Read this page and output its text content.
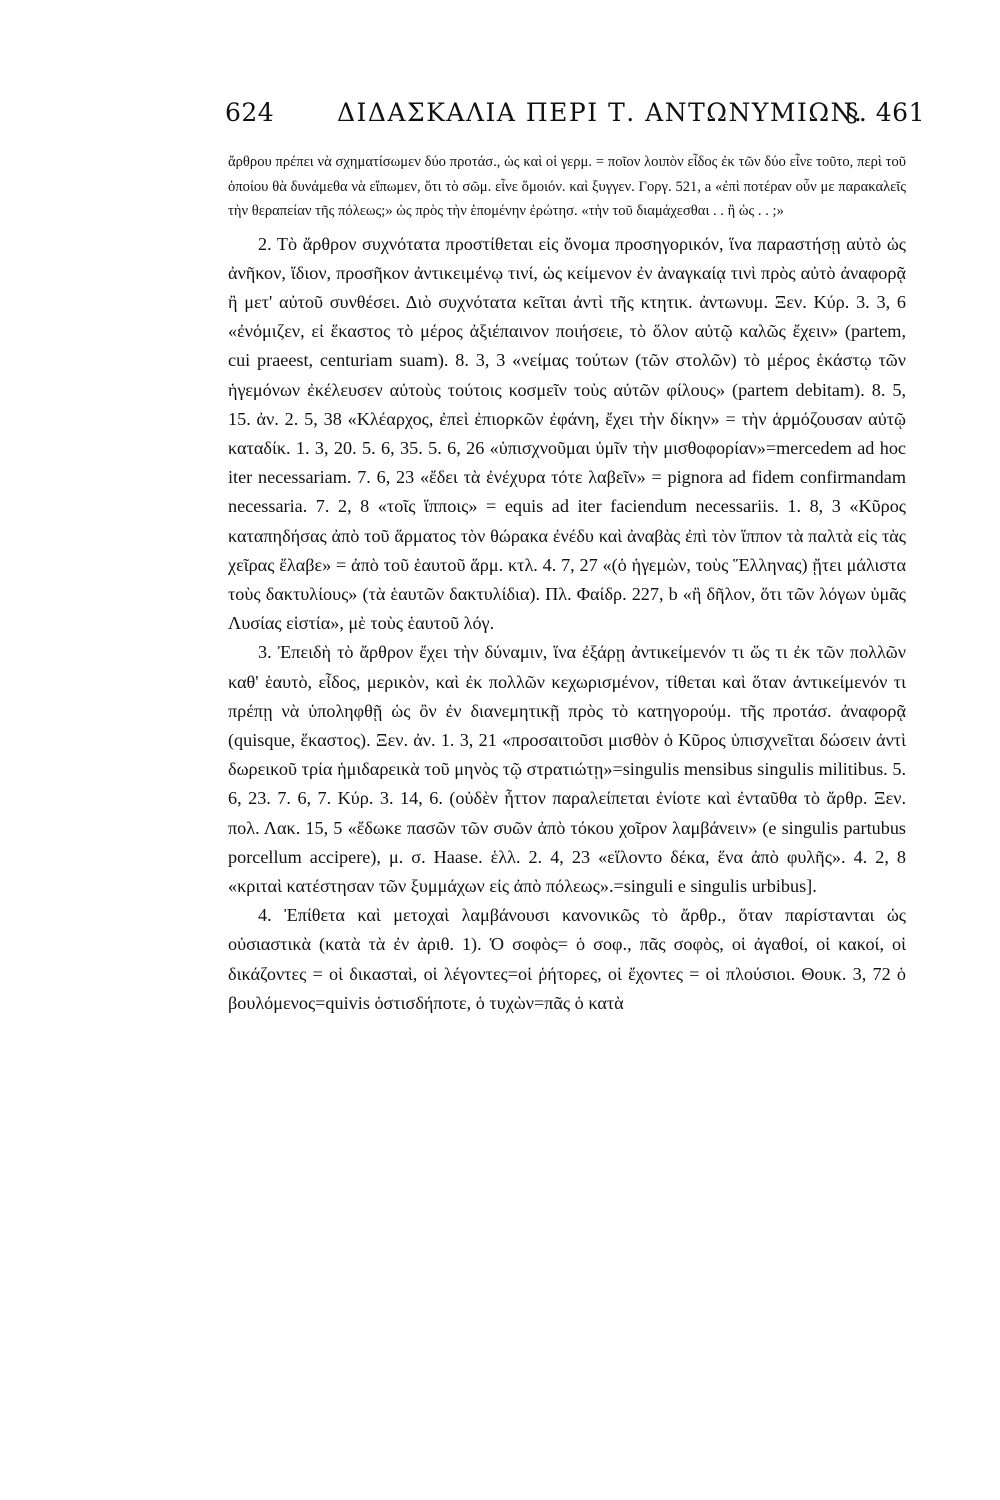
624	ΔΙΔΑΣΚΑΛΙΑ ΠΕΡΙ Τ. ΑΝΤΩΝΥΜΙΩΝ.
§. 461

ἄρθρου πρέπει νὰ σχηματίσωμεν δύο προτάσ., ὡς καὶ οἱ γερμ. = ποῖον λοιπὸν εἶδος ἐκ τῶν δύο εἶνε τοῦτο, περὶ τοῦ ὁποίου θὰ δυνάμεθα νὰ εἴπωμεν, ὅτι τὸ σῶμ. εἶνε ὅμοιόν. καὶ ξυγγεν. Γοργ. 521, a «ἐπὶ ποτέραν οὖν με παρακαλεῖς τὴν θεραπείαν τῆς πόλεως;» ὡς πρὸς τὴν ἑπομένην ἐρώτησ. «τὴν τοῦ διαμάχεσθαι . . ἢ ὡς . . ;»

2. Τὸ ἄρθρον συχνότατα προστίθεται εἰς ὄνομα προσηγορικόν, ἵνα παραστήσῃ αὐτὸ ὡς ἀνῆκον, ἴδιον, προσῆκον ἀντικειμένῳ τινί, ὡς κείμενον ἐν ἀναγκαίᾳ τινὶ πρὸς αὐτὸ ἀναφορᾷ ἢ μετ' αὐτοῦ συνθέσει. Διὸ συχνότατα κεῖται ἀντὶ τῆς κτητικ. ἀντωνυμ. Ξεν. Κύρ. 3. 3, 6 «ἐνόμιζεν, εἰ ἕκαστος τὸ μέρος ἀξιέπαινον ποιήσειε, τὸ ὅλον αὐτῷ καλῶς ἔχειν» (partem, cui praeest, centuriam suam). 8. 3, 3 «νείμας τούτων (τῶν στολῶν) τὸ μέρος ἑκάστῳ τῶν ἡγεμόνων ἐκέλευσεν αὐτοὺς τούτοις κοσμεῖν τοὺς αὐτῶν φίλους» (partem debitam). 8. 5, 15. ἀν. 2. 5, 38 «Κλέαρχος, ἐπεὶ ἐπιορκῶν ἐφάνη, ἔχει τὴν δίκην» = τὴν ἁρμόζουσαν αὐτῷ καταδίκ. 1. 3, 20. 5. 6, 35. 5. 6, 26 «ὑπισχνοῦμαι ὑμῖν τὴν μισθοφορίαν»=mercedem ad hoc iter necessariam. 7. 6, 23 «ἔδει τὰ ἐνέχυρα τότε λαβεῖν» = pignora ad fidem confirmandam necessaria. 7. 2, 8 «τοῖς ἵπποις» = equis ad iter faciendum necessariis. 1. 8, 3 «Κῦρος καταπηδήσας ἀπὸ τοῦ ἅρματος τὸν θώρακα ἐνέδυ καὶ ἀναβὰς ἐπὶ τὸν ἵππον τὰ παλτὰ εἰς τὰς χεῖρας ἔλαβε» = ἀπὸ τοῦ ἑαυτοῦ ἅρμ. κτλ. 4. 7, 27 «(ὁ ἡγεμὼν, τοὺς Ἕλληνας) ᾔτει μάλιστα τοὺς δακτυλίους» (τὰ ἑαυτῶν δακτυλίδια). Πλ. Φαίδρ. 227, b «ἢ δῆλον, ὅτι τῶν λόγων ὑμᾶς Λυσίας εἱστία», μὲ τοὺς ἑαυτοῦ λόγ.

3. Ἐπειδὴ τὸ ἄρθρον ἔχει τὴν δύναμιν, ἵνα ἐξάρῃ ἀντικείμενόν τι ὥς τι ἐκ τῶν πολλῶν καθ' ἑαυτὸ, εἶδος, μερικὸν, καὶ ἐκ πολλῶν κεχωρισμένον, τίθεται καὶ ὅταν ἀντικείμενόν τι πρέπῃ νὰ ὑποληφθῇ ὡς ὂν ἐν διανεμητικῇ πρὸς τὸ κατηγορούμ. τῆς προτάσ. ἀναφορᾷ (quisque, ἕκαστος). Ξεν. ἀν. 1. 3, 21 «προσαιτοῦσι μισθὸν ὁ Κῦρος ὑπισχνεῖται δώσειν ἀντὶ δωρεικοῦ τρία ἡμιδαρεικὰ τοῦ μηνὸς τῷ στρατιώτῃ»=singulis mensibus singulis militibus. 5. 6, 23. 7. 6, 7. Κύρ. 3. 14, 6. (οὐδὲν ἧττον παραλείπεται ἐνίοτε καὶ ἐνταῦθα τὸ ἄρθρ. Ξεν. πολ. Λακ. 15, 5 «ἔδωκε πασῶν τῶν συῶν ἀπὸ τόκου χοῖρον λαμβάνειν» (e singulis partubus porcellum accipere), μ. σ. Haase. ἑλλ. 2. 4, 23 «εἵλοντο δέκα, ἕνα ἀπὸ φυλῆς». 4. 2, 8 «κριταὶ κατέστησαν τῶν ξυμμάχων εἰς ἀπὸ πόλεως».=singuli e singulis urbibus].

4. Ἐπίθετα καὶ μετοχαὶ λαμβάνουσι κανονικῶς τὸ ἄρθρ., ὅταν παρίστανται ὡς οὐσιαστικὰ (κατὰ τὰ ἐν ἀριθ. 1). Ὁ σοφὸς= ὁ σοφ., πᾶς σοφὸς, οἱ ἀγαθοί, οἱ κακοί, οἱ δικάζοντες = οἱ δικασταὶ, οἱ λέγοντες=οἱ ῥήτορες, οἱ ἔχοντες = οἱ πλούσιοι. Θουκ. 3, 72 ὁ βουλόμενος=quivis ὁστισδήποτε, ὁ τυχὼν=πᾶς ὁ κατὰ
